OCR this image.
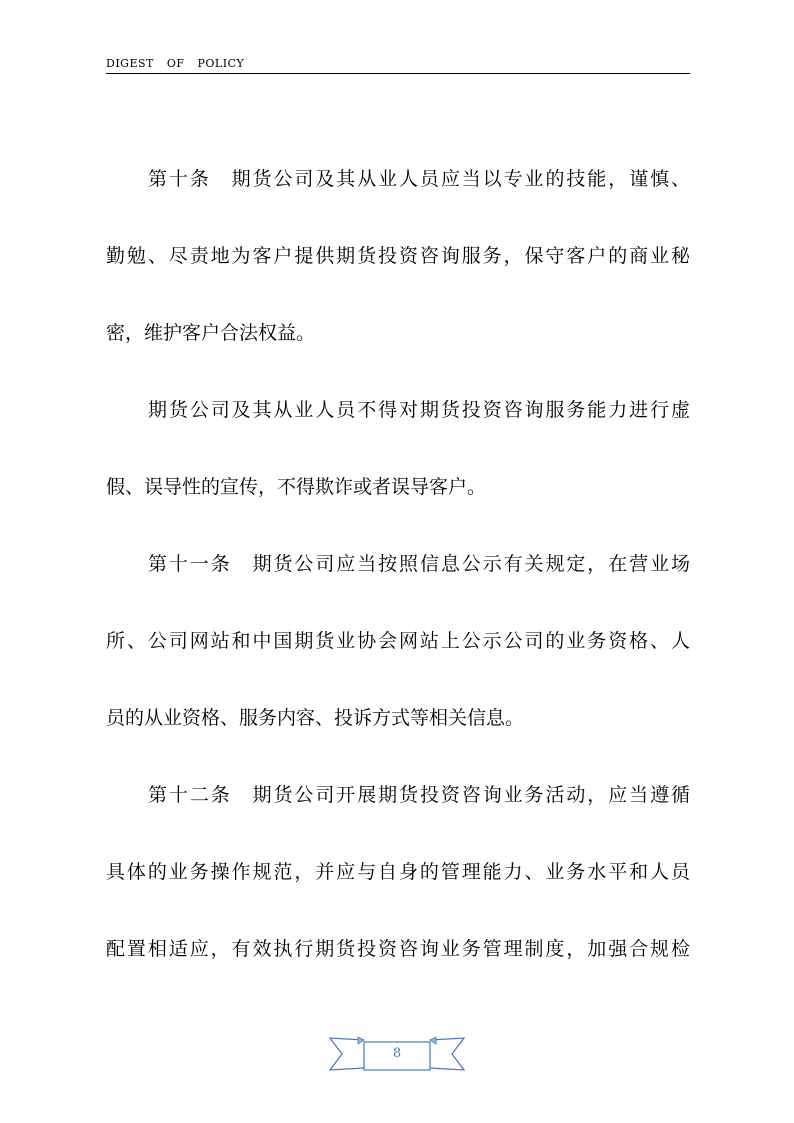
DIGEST OF POLICY
第十条　期货公司及其从业人员应当以专业的技能，谨慎、
勤勉、尽责地为客户提供期货投资咨询服务，保守客户的商业秘
密，维护客户合法权益。
期货公司及其从业人员不得对期货投资咨询服务能力进行虚
假、误导性的宣传，不得欺诈或者误导客户。
第十一条　期货公司应当按照信息公示有关规定，在营业场
所、公司网站和中国期货业协会网站上公示公司的业务资格、人
员的从业资格、服务内容、投诉方式等相关信息。
第十二条　期货公司开展期货投资咨询业务活动，应当遵循
具体的业务操作规范，并应与自身的管理能力、业务水平和人员
配置相适应，有效执行期货投资咨询业务管理制度，加强合规检
8
